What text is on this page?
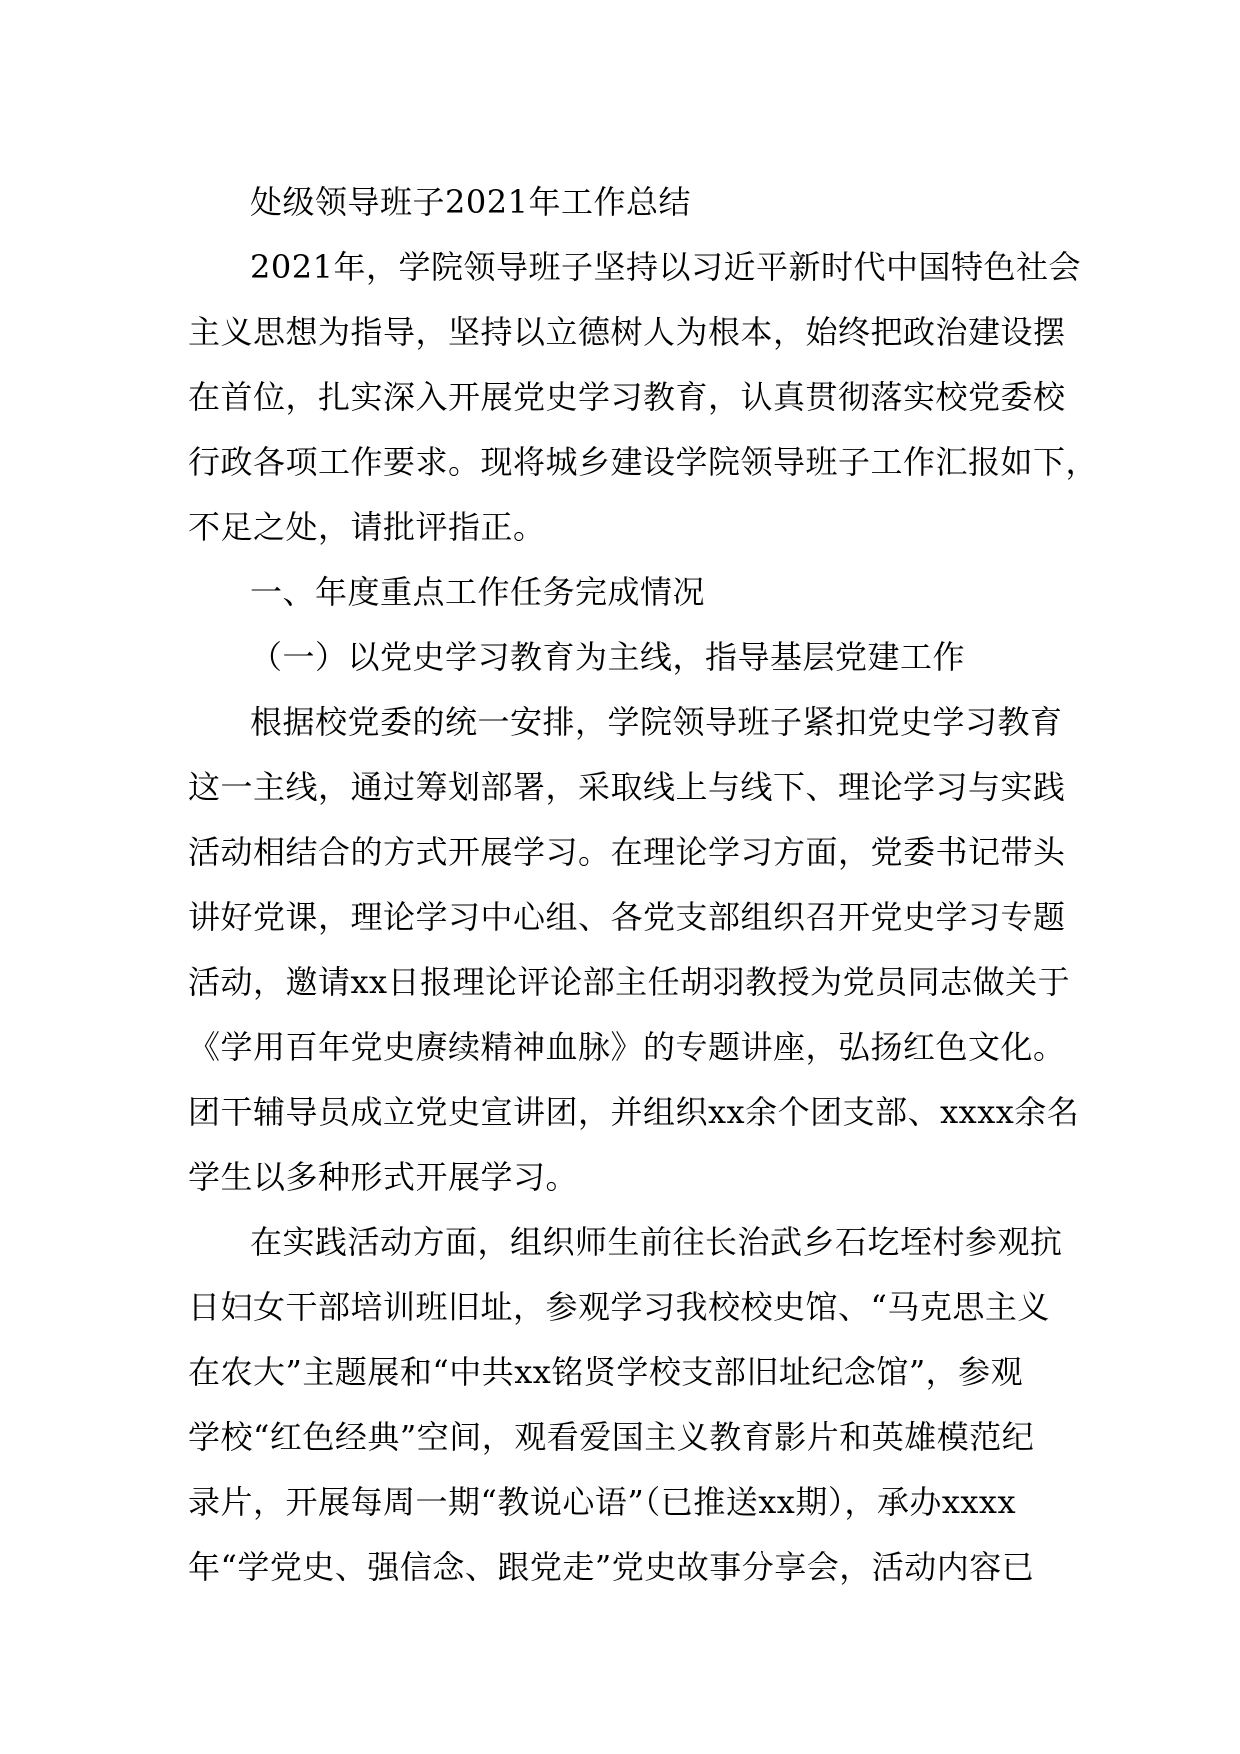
处级领导班子2021年工作总结
2021年，学院领导班子坚持以习近平新时代中国特色社会
主义思想为指导，坚持以立德树人为根本，始终把政治建设摆
在首位，扎实深入开展党史学习教育，认真贯彻落实校党委校
行政各项工作要求。现将城乡建设学院领导班子工作汇报如下，
不足之处，请批评指正。
一、年度重点工作任务完成情况
（一）以党史学习教育为主线，指导基层党建工作
根据校党委的统一安排，学院领导班子紧扣党史学习教育
这一主线，通过筹划部署，采取线上与线下、理论学习与实践
活动相结合的方式开展学习。在理论学习方面，党委书记带头
讲好党课，理论学习中心组、各党支部组织召开党史学习专题
活动，邀请xx日报理论评论部主任胡羽教授为党员同志做关于
《学用百年党史赓续精神血脉》的专题讲座，弘扬红色文化。
团干辅导员成立党史宣讲团，并组织xx余个团支部、xxxx余名
学生以多种形式开展学习。
在实践活动方面，组织师生前往长治武乡石圪垤村参观抗
日妇女干部培训班旧址，参观学习我校校史馆、“马克思主义
在农大”主题展和“中共xx铭贤学校支部旧址纪念馆”，参观
学校“红色经典”空间，观看爱国主义教育影片和英雄模范纪
录片，开展每周一期“教说心语”（已推送xx期），承办xxxx
年“学党史、强信念、跟党走”党史故事分享会，活动内容已
